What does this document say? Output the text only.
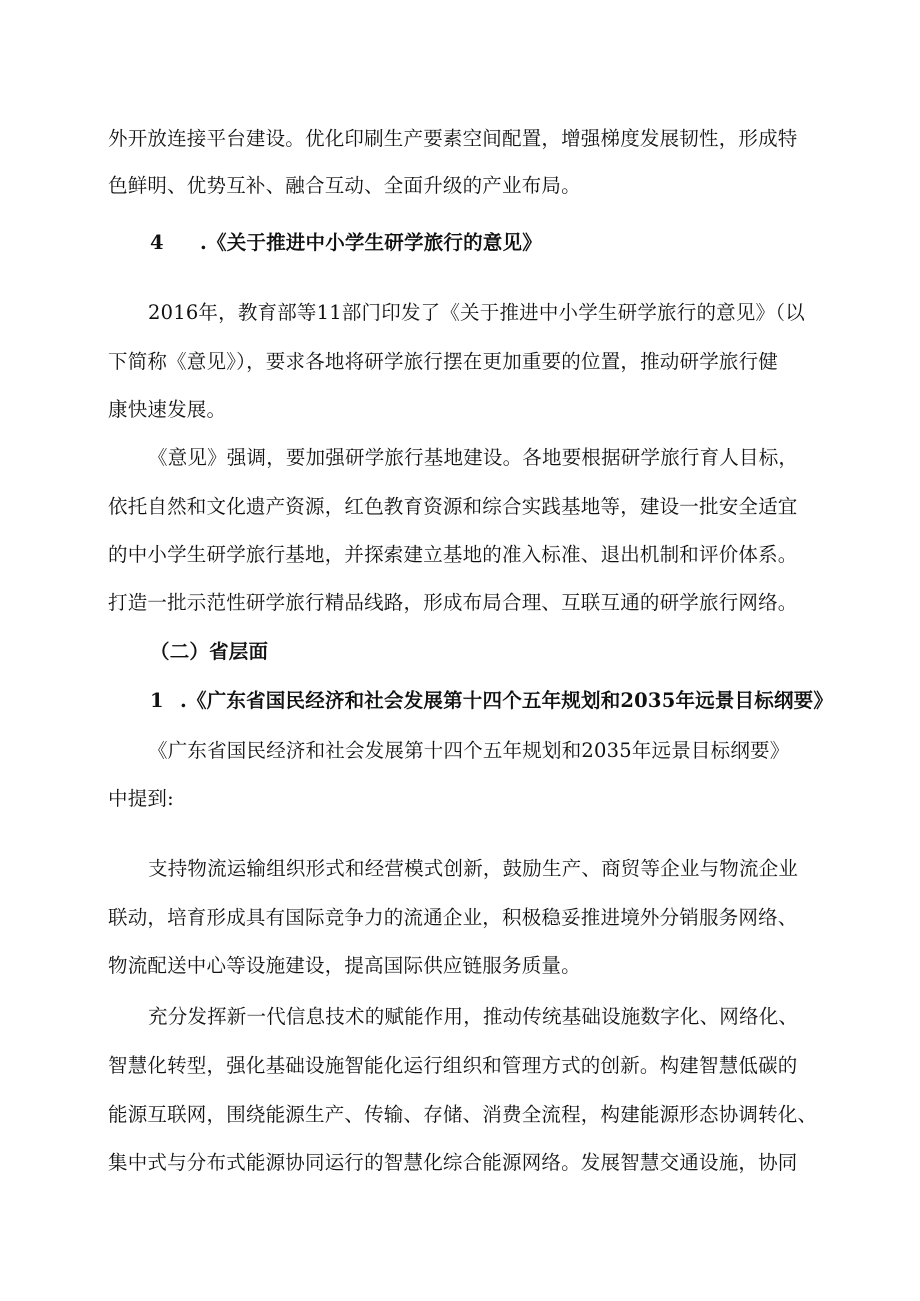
外开放连接平台建设。优化印刷生产要素空间配置，增强梯度发展韧性，形成特
色鲜明、优势互补、融合互动、全面升级的产业布局。
4 .《关于推进中小学生研学旅行的意见》
2016年，教育部等11部门印发了《关于推进中小学生研学旅行的意见》（以
下简称《意见》），要求各地将研学旅行摆在更加重要的位置，推动研学旅行健
康快速发展。
《意见》强调，要加强研学旅行基地建设。各地要根据研学旅行育人目标，
依托自然和文化遗产资源，红色教育资源和综合实践基地等，建设一批安全适宜
的中小学生研学旅行基地，并探索建立基地的准入标准、退出机制和评价体系。
打造一批示范性研学旅行精品线路，形成布局合理、互联互通的研学旅行网络。
（二）省层面
1 .《广东省国民经济和社会发展第十四个五年规划和2035年远景目标纲要》
《广东省国民经济和社会发展第十四个五年规划和2035年远景目标纲要》
中提到:
支持物流运输组织形式和经营模式创新，鼓励生产、商贸等企业与物流企业
联动，培育形成具有国际竞争力的流通企业，积极稳妥推进境外分销服务网络、
物流配送中心等设施建设，提高国际供应链服务质量。
充分发挥新一代信息技术的赋能作用，推动传统基础设施数字化、网络化、
智慧化转型，强化基础设施智能化运行组织和管理方式的创新。构建智慧低碳的
能源互联网，围绕能源生产、传输、存储、消费全流程，构建能源形态协调转化、
集中式与分布式能源协同运行的智慧化综合能源网络。发展智慧交通设施，协同
